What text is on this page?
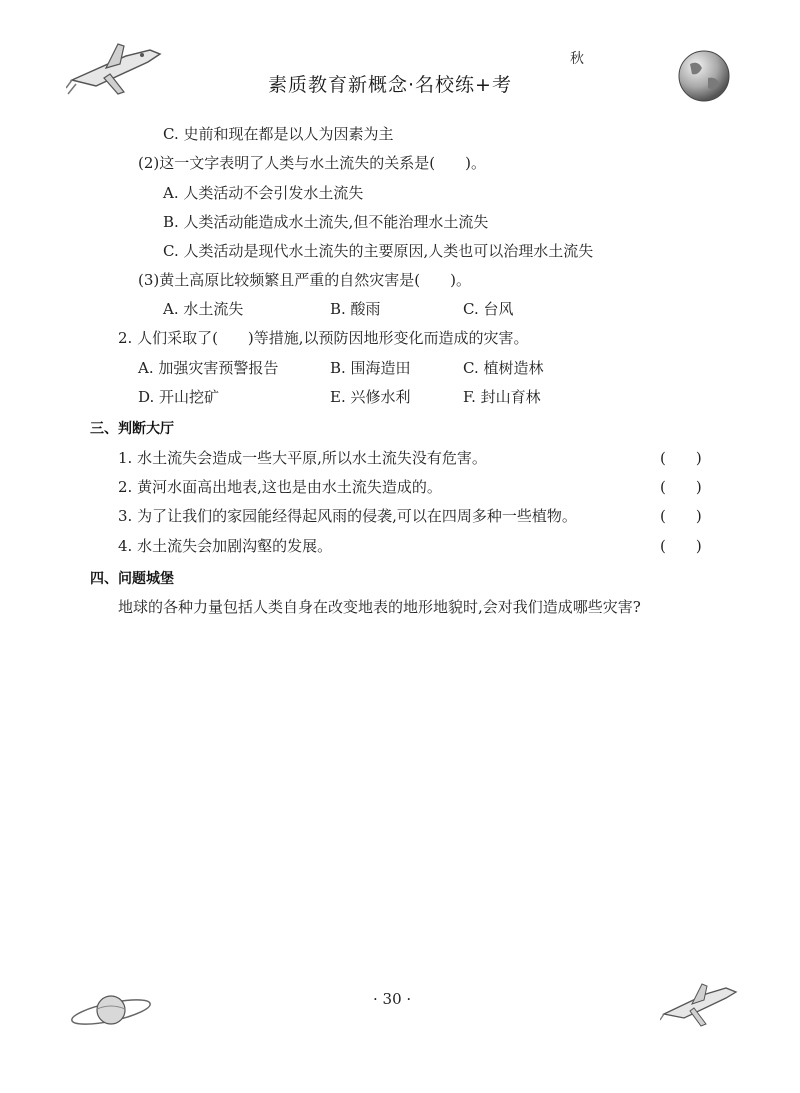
秋
素质教育新概念·名校练+考
C. 史前和现在都是以人为因素为主
(2)这一文字表明了人类与水土流失的关系是(　　)。
A. 人类活动不会引发水土流失
B. 人类活动能造成水土流失,但不能治理水土流失
C. 人类活动是现代水土流失的主要原因,人类也可以治理水土流失
(3)黄土高原比较频繁且严重的自然灾害是(　　)。
A. 水土流失	B. 酸雨	C. 台风
2. 人们采取了(　　)等措施,以预防因地形变化而造成的灾害。
A. 加强灾害预警报告	B. 围海造田	C. 植树造林
D. 开山挖矿	E. 兴修水利	F. 封山育林
三、判断大厅
1. 水土流失会造成一些大平原,所以水土流失没有危害。	(　　)
2. 黄河水面高出地表,这也是由水土流失造成的。	(　　)
3. 为了让我们的家园能经得起风雨的侵袭,可以在四周多种一些植物。	(　　)
4. 水土流失会加剧沟壑的发展。	(　　)
四、问题城堡
地球的各种力量包括人类自身在改变地表的地形地貌时,会对我们造成哪些灾害?
· 30 ·
